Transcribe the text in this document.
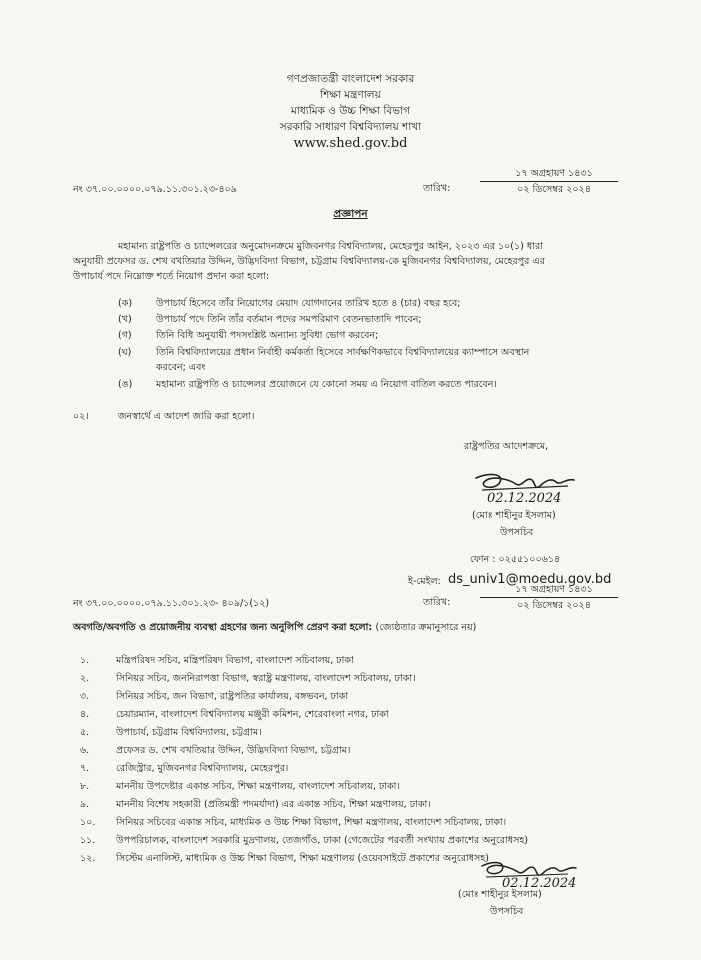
গণপ্রজাতন্ত্রী বাংলাদেশ সরকার
শিক্ষা মন্ত্রণালয়
মাধ্যমিক ও উচ্চ শিক্ষা বিভাগ
সরকারি সাধারণ বিশ্ববিদ্যালয় শাখা
www.shed.gov.bd
নং ৩৭.০০.০০০০.০৭৯.১১.৩০১.২৩-৪০৯	তারিখ:
১৭ অগ্রহায়ণ ১৪৩১
০২ ডিসেম্বর ২০২৪
প্রজ্ঞাপন
মহামান্য রাষ্ট্রপতি ও চ্যান্সেলরের অনুমোদনক্রমে মুজিবনগর বিশ্ববিদ্যালয়, মেহেরপুর আইন, ২০২৩ এর ১০(১) ধারা
অনুযায়ী প্রফেসর ড. শেখ বখতিয়ার উদ্দিন, উদ্ভিদবিদ্যা বিভাগ, চট্টগ্রাম বিশ্ববিদ্যালয়-কে মুজিবনগর বিশ্ববিদ্যালয়, মেহেরপুর এর
উপাচার্য পদে নিম্নোক্ত শর্তে নিয়োগ প্রদান করা হলো:
(ক)	উপাচার্য হিসেবে তাঁর নিয়োগের মেয়াদ যোগদানের তারিখ হতে ৪ (চার) বছর হবে;
(খ)	উপাচার্য পদে তিনি তাঁর বর্তমান পদের সমপরিমাণ বেতনভাতাদি পাবেন;
(গ)	তিনি বিধি অনুযায়ী পদসংশ্লিষ্ট অন্যান্য সুবিধা ভোগ করবেন;
(ঘ)	তিনি বিশ্ববিদ্যালয়ের প্রধান নির্বাহী কর্মকর্তা হিসেবে সার্বক্ষণিকভাবে বিশ্ববিদ্যালয়ের ক্যাম্পাসে অবস্থান
করবেন; এবং
(ঙ) মহামান্য রাষ্ট্রপতি ও চ্যান্সেলর প্রয়োজনে যে কোনো সময় এ নিয়োগ বাতিল করতে পারবেন।
০২।	জনস্বার্থে এ আদেশ জারি করা হলো।
রাষ্ট্রপতির আদেশক্রমে,
02.12.2024
(মোঃ শাহীনুর ইসলাম)
উপসচিব
ফোন : ০২৫৫১০০৬১৪
ই-মেইল: ds_univ1@moedu.gov.bd
নং ৩৭.০০.০০০০.০৭৯.১১.৩০১.২৩- ৪০৯/১(১২)	তারিখ:
১৭ অগ্রহায়ণ ১৪৩১
০২ ডিসেম্বর ২০২৪
অবগতি/অবগতি ও প্রয়োজনীয় ব্যবস্থা গ্রহণের জন্য অনুলিপি প্রেরণ করা হলো: (জ্যেষ্ঠতার ক্রমানুসারে নয়)
১.	মন্ত্রিপরিষদ সচিব, মন্ত্রিপরিষদ বিভাগ, বাংলাদেশ সচিবালয়, ঢাকা
২.	সিনিয়র সচিব, জননিরাপত্তা বিভাগ, স্বরাষ্ট্র মন্ত্রণালয়, বাংলাদেশ সচিবালয়, ঢাকা।
৩.	সিনিয়র সচিব, জন বিভাগ, রাষ্ট্রপতির কার্যালয়, বঙ্গভবন, ঢাকা
৪.	চেয়ারম্যান, বাংলাদেশ বিশ্ববিদ্যালয় মঞ্জুরী কমিশন, শেরেবাংলা নগর, ঢাকা
৫.	উপাচার্য, চট্টগ্রাম বিশ্ববিদ্যালয়, চট্টগ্রাম।
৬.	প্রফেসর ড. শেখ বখতিয়ার উদ্দিন, উদ্ভিদবিদ্যা বিভাগ, চট্টগ্রাম।
৭.	রেজিস্ট্রার, মুজিবনগর বিশ্ববিদ্যালয়, মেহেরপুর।
৮.	মাননীয় উপদেষ্টার একান্ত সচিব, শিক্ষা মন্ত্রণালয়, বাংলাদেশ সচিবালয়, ঢাকা।
৯.	মাননীয় বিশেষ সহকারী (প্রতিমন্ত্রী পদমর্যাদা) এর একান্ত সচিব, শিক্ষা মন্ত্রণালয়, ঢাকা।
১০. সিনিয়র সচিবের একান্ত সচিব, মাধ্যমিক ও উচ্চ শিক্ষা বিভাগ, শিক্ষা মন্ত্রণালয়, বাংলাদেশ সচিবালয়, ঢাকা।
১১. উপপরিচালক, বাংলাদেশ সরকারি মুদ্রণালয়, তেজগাঁও, ঢাকা (গেজেটের পরবর্তী সংখ্যায় প্রকাশের অনুরোধসহ)
১২. সিস্টেম এনালিস্ট, মাধ্যমিক ও উচ্চ শিক্ষা বিভাগ, শিক্ষা মন্ত্রণালয় (ওয়েবসাইটে প্রকাশের অনুরোধসহ)
02.12.2024
(মোঃ শাহীনুর ইসলাম)
উপসচিব
